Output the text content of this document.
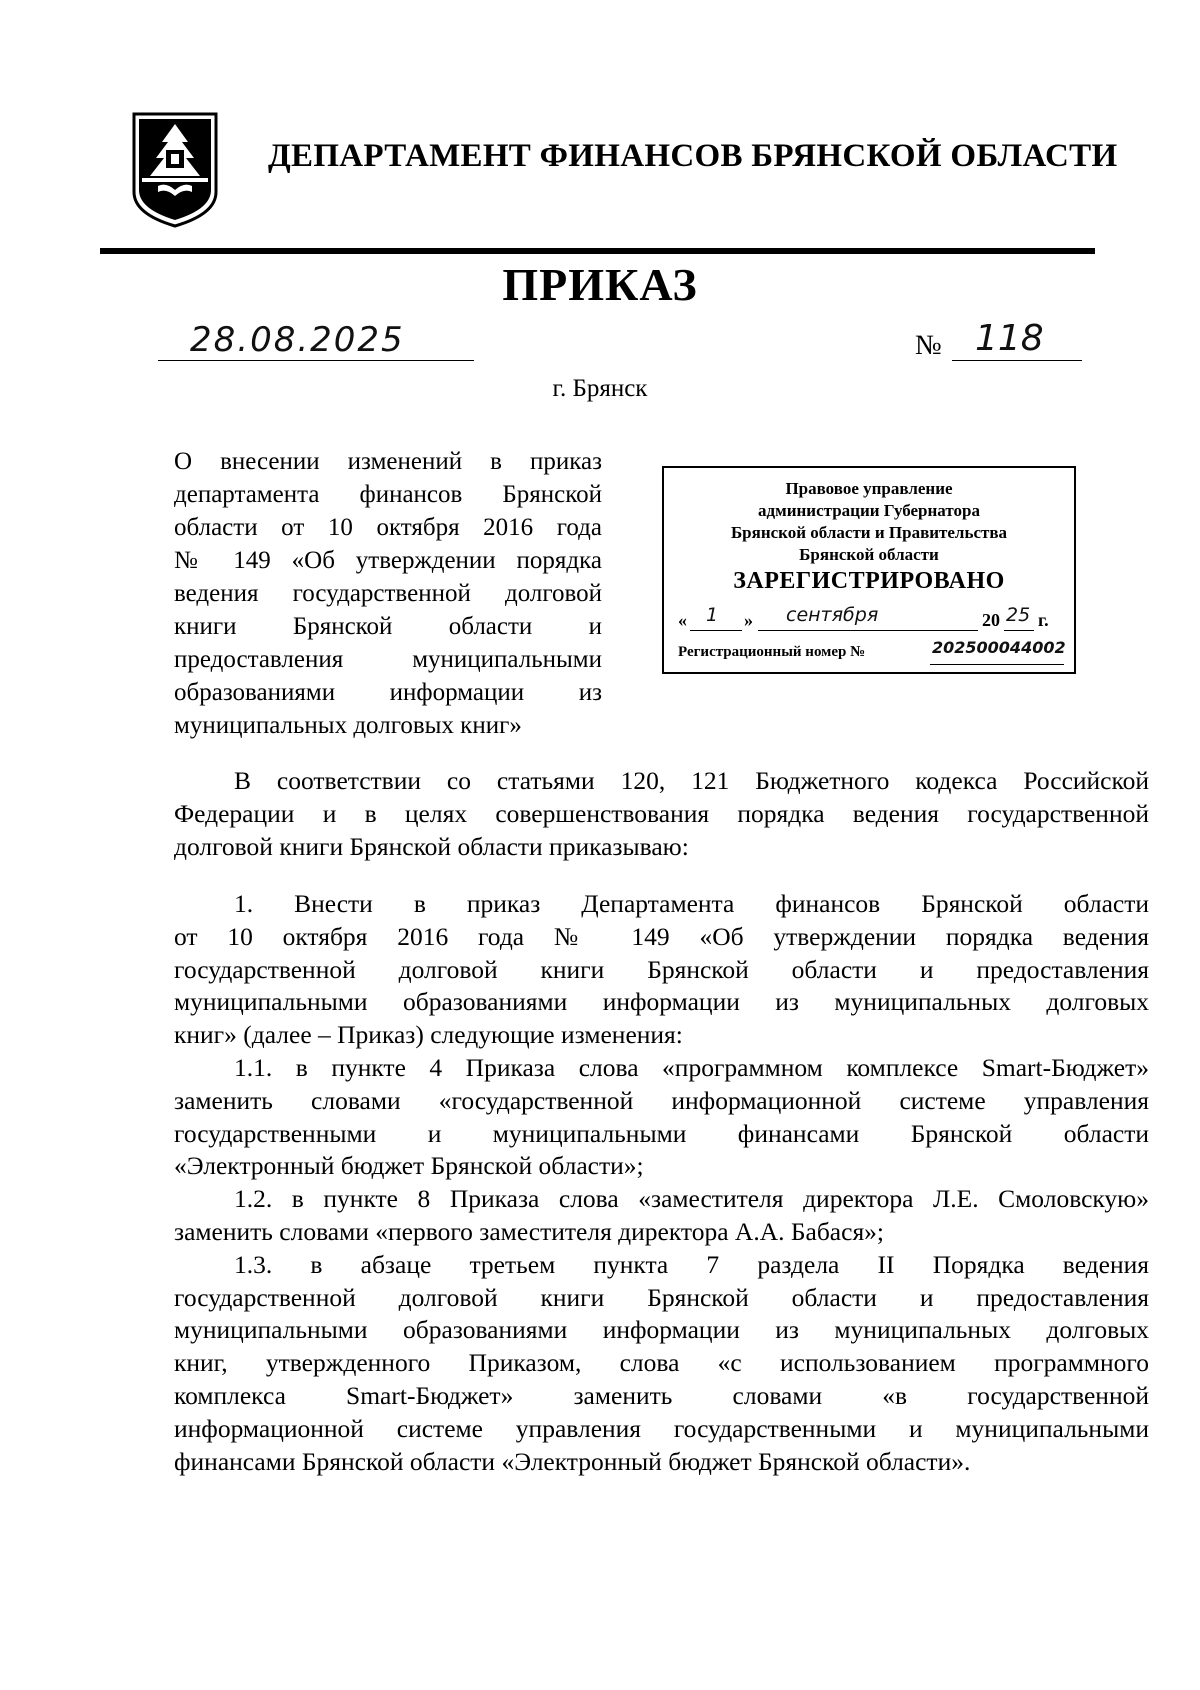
ДЕПАРТАМЕНТ ФИНАНСОВ БРЯНСКОЙ ОБЛАСТИ
ПРИКАЗ
28.08.2025	№ 118
г. Брянск
О внесении изменений в приказ
департамента финансов Брянской
области от 10 октября 2016 года
№ 149 «Об утверждении порядка
ведения государственной долговой
книги Брянской области и
предоставления муниципальными
образованиями информации из
муниципальных долговых книг»
Правовое управление
администрации Губернатора
Брянской области и Правительства
Брянской области
ЗАРЕГИСТРИРОВАНО
« 1 » сентября	20 25 г.
Регистрационный номер №	202500044002
В соответствии со статьями 120, 121 Бюджетного кодекса Российской
Федерации и в целях совершенствования порядка ведения государственной
долговой книги Брянской области приказываю:
1. Внести в приказ Департамента финансов Брянской области
от 10 октября 2016 года № 149 «Об утверждении порядка ведения
государственной долговой книги Брянской области и предоставления
муниципальными образованиями информации из муниципальных долговых
книг» (далее – Приказ) следующие изменения:
1.1. в пункте 4 Приказа слова «программном комплексе Smart-Бюджет»
заменить словами «государственной информационной системе управления
государственными и муниципальными финансами Брянской области
«Электронный бюджет Брянской области»;
1.2. в пункте 8 Приказа слова «заместителя директора Л.Е. Смоловскую»
заменить словами «первого заместителя директора А.А. Бабася»;
1.3. в абзаце третьем пункта 7 раздела II Порядка ведения
государственной долговой книги Брянской области и предоставления
муниципальными образованиями информации из муниципальных долговых
книг, утвержденного Приказом, слова «с использованием программного
комплекса Smart-Бюджет» заменить словами «в государственной
информационной системе управления государственными и муниципальными
финансами Брянской области «Электронный бюджет Брянской области».
